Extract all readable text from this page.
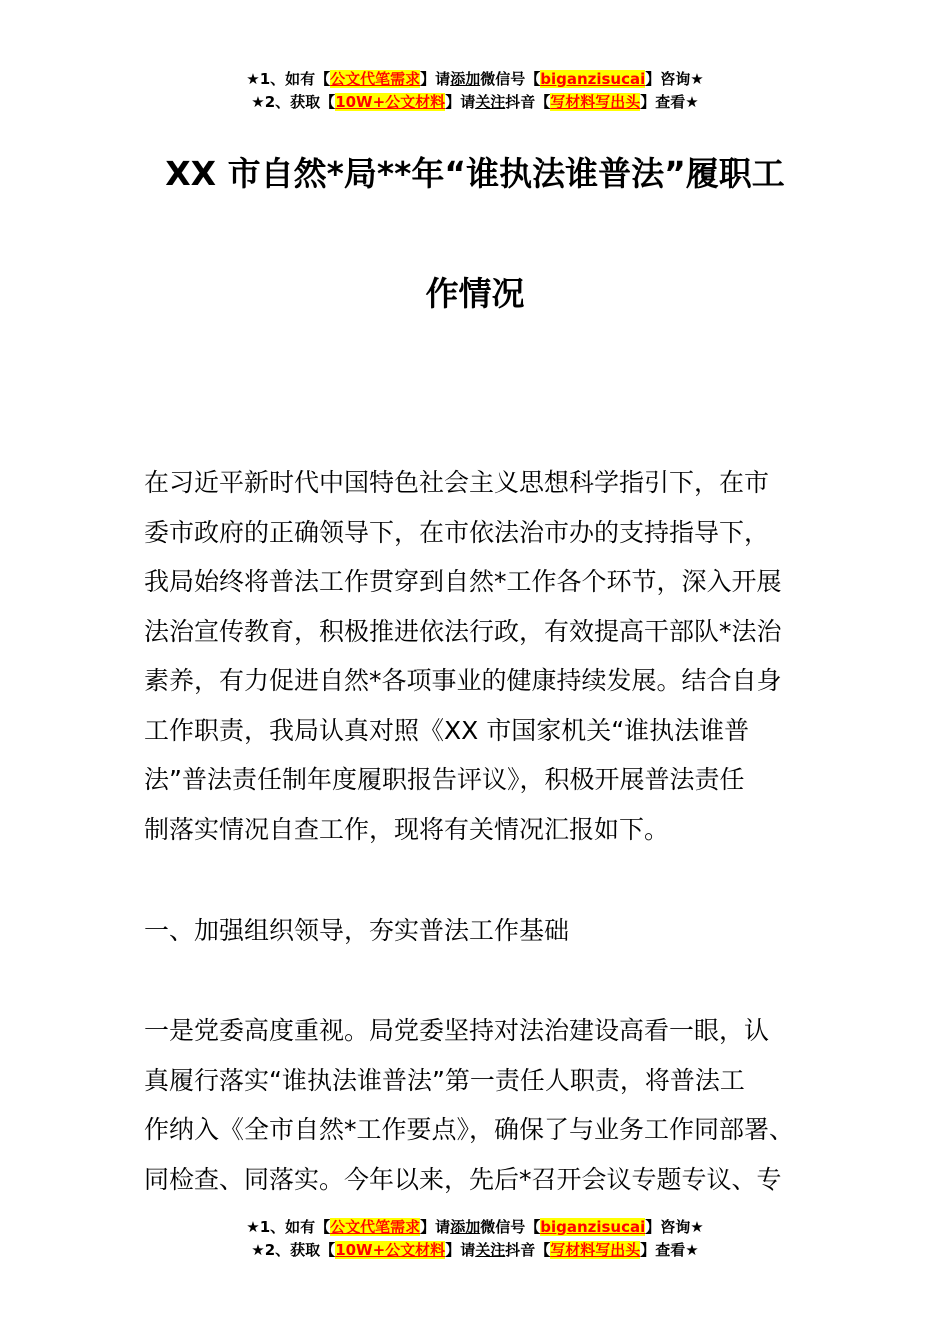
★1、如有【公文代笔需求】请添加微信号【biganzisucai】咨询★
★2、获取【10W+公文材料】请关注抖音【写材料写出头】查看★
XX 市自然*局**年“谁执法谁普法”履职工
作情况
在习近平新时代中国特色社会主义思想科学指引下，在市
委市政府的正确领导下，在市依法治市办的支持指导下，
我局始终将普法工作贯穿到自然*工作各个环节，深入开展
法治宣传教育，积极推进依法行政，有效提高干部队*法治
素养，有力促进自然*各项事业的健康持续发展。结合自身
工作职责，我局认真对照《XX 市国家机关“谁执法谁普
法”普法责任制年度履职报告评议》，积极开展普法责任
制落实情况自查工作，现将有关情况汇报如下。
一、加强组织领导，夯实普法工作基础
一是党委高度重视。局党委坚持对法治建设高看一眼，认
真履行落实“谁执法谁普法”第一责任人职责，将普法工
作纳入《全市自然*工作要点》，确保了与业务工作同部署、
同检查、同落实。今年以来，先后*召开会议专题专议、专
★1、如有【公文代笔需求】请添加微信号【biganzisucai】咨询★
★2、获取【10W+公文材料】请关注抖音【写材料写出头】查看★
